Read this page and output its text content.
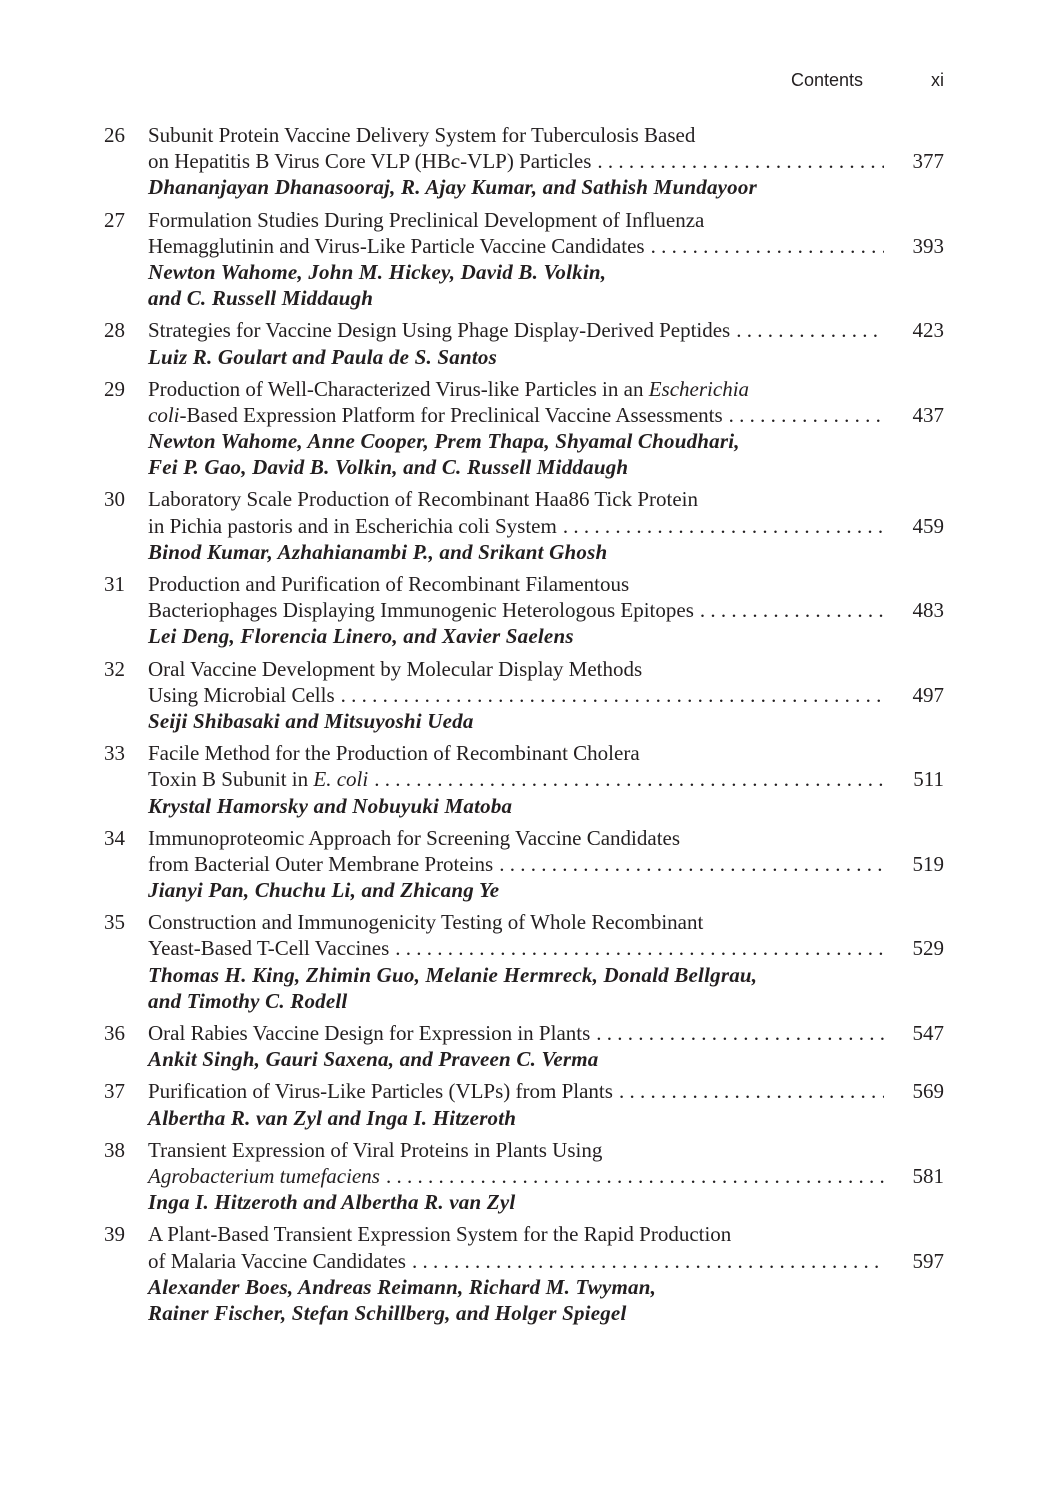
Contents	xi
26	Subunit Protein Vaccine Delivery System for Tuberculosis Based
on Hepatitis B Virus Core VLP (HBc-VLP) Particles . . .	377
Dhananjayan Dhanasooraj, R. Ajay Kumar, and Sathish Mundayoor
27	Formulation Studies During Preclinical Development of Influenza
Hemagglutinin and Virus-Like Particle Vaccine Candidates . . .	393
Newton Wahome, John M. Hickey, David B. Volkin,
and C. Russell Middaugh
28	Strategies for Vaccine Design Using Phage Display-Derived Peptides . . .	423
Luiz R. Goulart and Paula de S. Santos
29	Production of Well-Characterized Virus-like Particles in an Escherichia
coli-Based Expression Platform for Preclinical Vaccine Assessments . . .	437
Newton Wahome, Anne Cooper, Prem Thapa, Shyamal Choudhari,
Fei P. Gao, David B. Volkin, and C. Russell Middaugh
30	Laboratory Scale Production of Recombinant Haa86 Tick Protein
in Pichia pastoris and in Escherichia coli System . . .	459
Binod Kumar, Azhahianambi P., and Srikant Ghosh
31	Production and Purification of Recombinant Filamentous
Bacteriophages Displaying Immunogenic Heterologous Epitopes . . .	483
Lei Deng, Florencia Linero, and Xavier Saelens
32	Oral Vaccine Development by Molecular Display Methods
Using Microbial Cells . . .	497
Seiji Shibasaki and Mitsuyoshi Ueda
33	Facile Method for the Production of Recombinant Cholera
Toxin B Subunit in E. coli . . .	511
Krystal Hamorsky and Nobuyuki Matoba
34	Immunoproteomic Approach for Screening Vaccine Candidates
from Bacterial Outer Membrane Proteins . . .	519
Jianyi Pan, Chuchu Li, and Zhicang Ye
35	Construction and Immunogenicity Testing of Whole Recombinant
Yeast-Based T-Cell Vaccines . . .	529
Thomas H. King, Zhimin Guo, Melanie Hermreck, Donald Bellgrau,
and Timothy C. Rodell
36	Oral Rabies Vaccine Design for Expression in Plants . . .	547
Ankit Singh, Gauri Saxena, and Praveen C. Verma
37	Purification of Virus-Like Particles (VLPs) from Plants . . .	569
Albertha R. van Zyl and Inga I. Hitzeroth
38	Transient Expression of Viral Proteins in Plants Using
Agrobacterium tumefaciens . . .	581
Inga I. Hitzeroth and Albertha R. van Zyl
39	A Plant-Based Transient Expression System for the Rapid Production
of Malaria Vaccine Candidates . . .	597
Alexander Boes, Andreas Reimann, Richard M. Twyman,
Rainer Fischer, Stefan Schillberg, and Holger Spiegel
